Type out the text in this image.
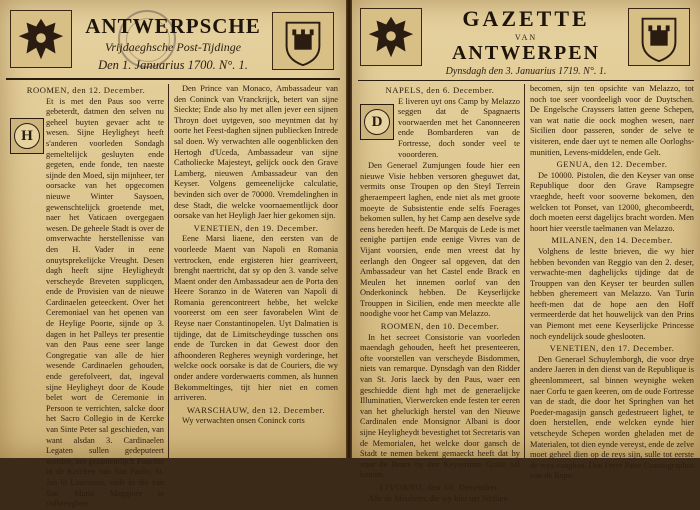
ANTWERPSCHE
Vrijdaeghsche Post-Tijdinge
Den 1. Januarius 1700. N°. 1.
H
ROOMEN, den 12. December.

Et is met den Paus soo verre gebeterdt, datmen den selven nu geheel buyten gevaer acht te wesen. Sijne Heyligheyt heeft s'anderen voorleden Sondagh gemeltelijck gesluyten ende gegeten, ende fonde, ten naeste sijnde den Moed, sijn mijnheer, ter oorsacke van het opgecomen nieuwe Winter Saysoen, gewenschtelijck groetende met, naer het Vaticaen overgegaen wesen. De geheele Stadt is over de omverwachte herstellenisse van den H. Vader in eene onuytsprekelijcke Vreught. Desen dagh heeft sijne Heyligheydt verscheyde Breveten supplicqen, ende de Provisien van de nieuwe Cardinaelen geteeckent. Over het Ceremoniael van het openen van de Heylige Poorte, sijnde op 3. dagen in het Palleys ter presentie van den Paus eene seer lange Congregatie van alle de hier wesende Cardinaelen gehouden, ende gerefolveert, dat, ingeval sijne Heyligheyt door de Koude belet wort de Ceremonie in Persoon te verrichten, salcke door het Sacro Collegio in de Kercke van Sinte Peter sal geschieden, van want alsdan 3. Cardinaelen Legaten sullen gedeputeert worden, om gesamentlijck Fonckie in de Kercken van San Paolo, St. Jan in Lateranen, ende in die van San Maria Maggiore te volbrenghen.

Den Prince van Monaco, Ambassadeur van den Coninck van Vranckrijck, betert van sijne Sieckte; Ende also hy met allen jever een sijnen Throyn doet uytgeven, soo meyntmen dat hy oorte het Feest-daghen sijnen publiecken Intrede sal doen. Wy verwachten alle oogenblicken den Hertogh d'Uceda, Ambassadeur van sijne Catholiecke Majesteyt, gelijck oock den Grave Lamberg, nieuwen Ambassadeur van den Keyser. Volgens gemeenelijcke calculatie, bevinden sich over de 70000. Vremdelinghen in dese Stadt, die welcke voornaementlijck door oorsake van het Heyligh Jaer hier gekomen sijn.

VENETIEN, den 19. December.

Eene Marsi liaene, den eersten van de voorleede Maent van Napoli en Romania vertrocken, ende ergisteren hier gearriveert, brenght naertricht, dat sy op den 3. vande selve Maent onder den Ambassadeur aen de Porta den Heere Soranzo in de Wateren van Napoli di Romania gerencontreert hebbe, het welcke vooreerst om een seer favorabelen Wint de Reyse naer Constantinopelen. Uyt Dalmatien is tijdinge, dat de Limitscheydinge tusschen ons ende de Turcken in dat Gewest door den afhoonderen Regheres weynigh vorderinge, het welcke oock oorsake is dat de Couriers, die wy onder andere vorderwaerts commen, als hunnen Bekommeltinges, tijt hier niet en comen arriveren.

WARSCHAUW, den 12. December.

Wy verwachten onsen Coninck corts

GAZETTE
VAN
ANTWERPEN
Dynsdagh den 3. Januarius 1719. N°. 1.
D
NAPELS, den 6. December.

E liveren uyt ons Camp by Melazzo seggen dat de Spagnaerts voorwaerden met het Canonneeren ende Bombarderen van de Fortresse, doch sonder veel te vooorderen.

Den Generael Zumjungen foude hier een nieuwe Visie hebben versoren gheguwet dat, vermits onse Troupen op den Steyl Terrein gheraempeert laghen, ende niet als met groote moeyte de Subsistentie ende selfs Foerages bekomen sullen, hy het Camp aen deselve syde eens bereden heeft. De Marquis de Lede is met eenighe partijen ende eenige Vivres van de Vijant voorsien, ende men vreest dat hy eerlangh den Ongeer sal opgeven, dat den Ambassadeur van het Castel ende Brack en Meulen het innemen oorlof van den Onderkoninck hebben. De Keyserlijcke Trouppen in Sicilien, ende men meeckte alle noodighe voor het Camp van Melazzo.

ROOMEN, den 10. December.

In het secreet Consistorie van voorleden maendagh gehouden, heeft het presenteeren, ofte voorstellen van verscheyde Bisdommen, niets van remarque. Dynsdagh van den Ridder van St. Joris laeck by den Paus, waer een geschiedde dient hgh met de generaelijcke Illuminatien, Vierwercken ende festen ter eeren van het gheluckigh herstel van den Nieuwe Cardinalen ende Monsignor Albani is door sijne Heyligheydt bevestighet tot Secretaris van de Memorialen, het welcke door gansch de Stadt te nemen bekent gemaeckt heeft dat hy voor de Beurs by den Keyserinne Gratie sal komen.

LIVORNO, den 10. December.

Alle de Missiven, die wy hier uyt Sicilien

becomen, sijn ten opsichte van Melazzo, tot noch toe seer voordeeligh voor de Duytschen. De Engelsche Crayssers latten geene Schepen, van wat natie die oock moghen wesen, naer Sicilien door passeren, sonder de selve te visiteren, ende daer uyt te nemen alle Oorloghs-munitien, Levens-middelen, ende Gelt.

GENUA, den 12. December.

De 10000. Pistolen, die den Keyser van onse Republique door den Grave Rampsegre vraeghde, heeft voor sooverne bekomen, den welcken tot Ponset, van 12000, ghecombeerdt, doch moeten eerst dagelijcs bracht worden. Men hoort hier veerstle taelmanen van Melazzo.

MILANEN, den 14. December.

Volghens de lestte brieven, die wy hier hebben bevonden van Reggio van den 2. deser, verwachte-men daghelijcks tijdinge dat de Trouppen van den Keyser ter beurden sullen hebben gheremeert van Melazzo. Van Turin heeft-men dat de hope aen den Hoff vermeerderde dat het houwelijck van den Prins van Piemont met eene Keyserlijcke Princesse noch eyndelijck soude gheslooten.

VENETIEN, den 17. December.

Den Generael Schuylemborgh, die voor drye andere Jaeren in den dienst van de Republique is gheenlommeert, sal binnen weynighe weken naer Corfu te gaen keeren, om de oude Fortresse van de stadt, die door het Springhen van het Poeder-magasijn gansch gedestrueert lighet, te doen herstellen, ende welcken eynde hier vetscheyde Schepen worden gheladen met de Materialen, tot dien eynde vereyst, ende de zelve moet geheel dien op de reys sijn, sulle tot eerste de reys vanghen. Den Frere Pater Cosmographus van de Repu-
